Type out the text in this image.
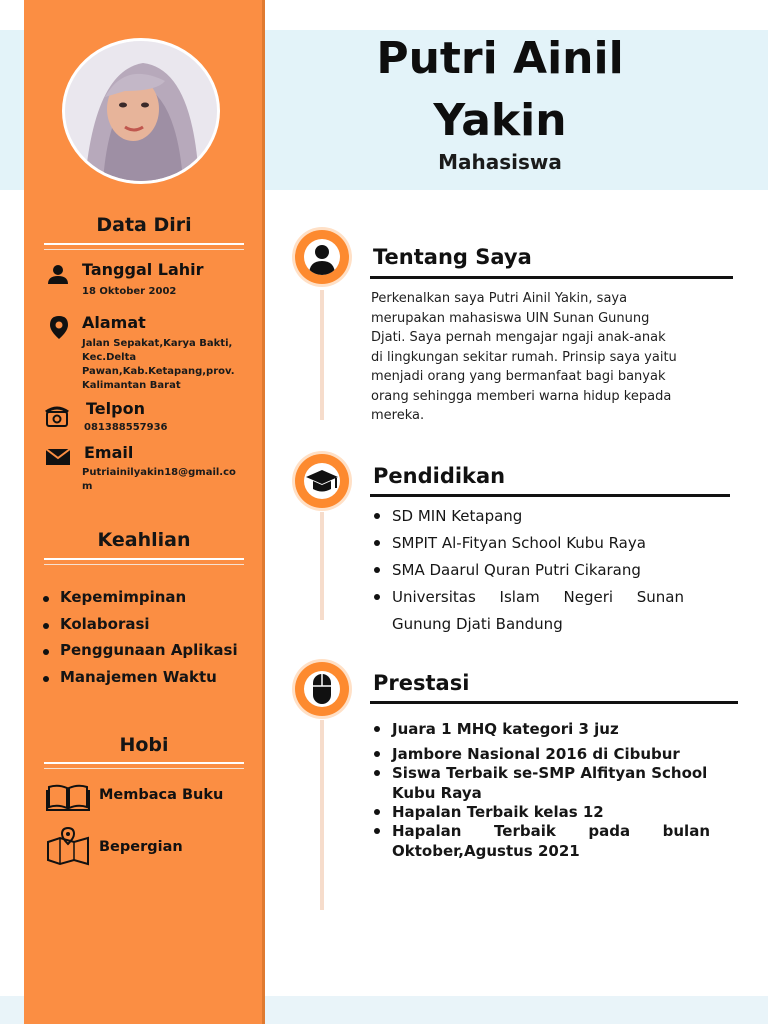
Data Diri
Tanggal Lahir
18 Oktober 2002
Alamat
Jalan Sepakat,Karya Bakti,
Kec.Delta
Pawan,Kab.Ketapang,prov.
Kalimantan Barat
Telpon
081388557936
Email
Putriainilyakin18@gmail.co
m
Keahlian
Kepemimpinan
Kolaborasi
Penggunaan Aplikasi
Manajemen Waktu
Hobi
Membaca Buku
Bepergian
Putri Ainil
Yakin
Mahasiswa
Tentang Saya
Perkenalkan saya Putri Ainil Yakin, saya
merupakan mahasiswa UIN Sunan Gunung
Djati. Saya pernah mengajar ngaji anak-anak
di lingkungan sekitar rumah. Prinsip saya yaitu
menjadi orang yang bermanfaat bagi banyak
orang sehingga memberi warna hidup kepada
mereka.
Pendidikan
SD MIN Ketapang
SMPIT Al-Fityan School Kubu Raya
SMA Daarul Quran Putri Cikarang
Universitas Islam Negeri Sunan
Gunung Djati Bandung
Prestasi
Juara 1 MHQ kategori 3 juz
Jambore Nasional 2016 di Cibubur
Siswa Terbaik se-SMP Alfityan School
Kubu Raya
Hapalan Terbaik kelas 12
Hapalan Terbaik pada bulan
Oktober,Agustus 2021
